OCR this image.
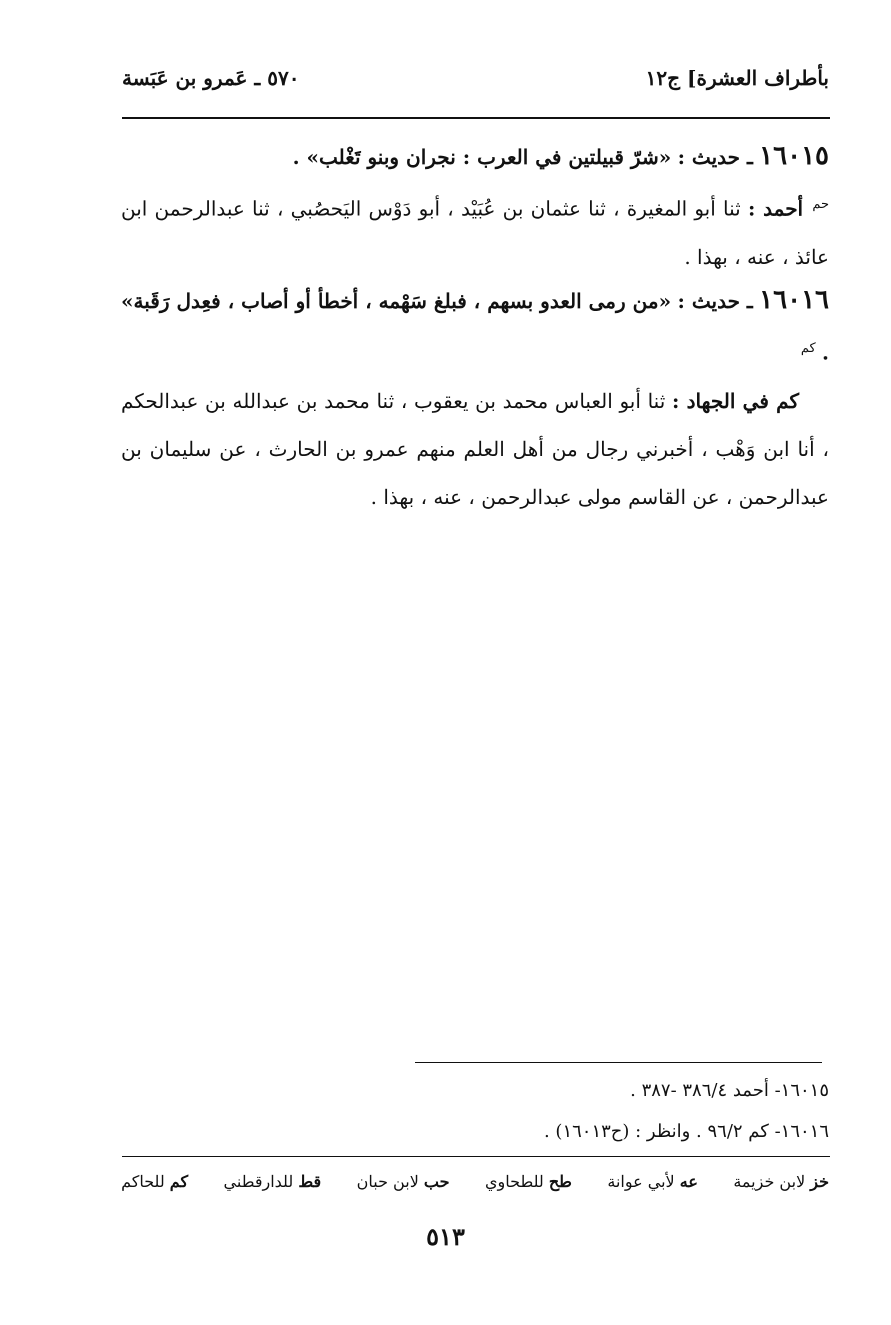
بأطراف العشرة] ج١٢
٥٧٠ ـ عَمرو بن عَبَسة
١٦٠١٥ ـ حديث : «شرّ قبيلتين في العرب : نجران وبنو تَغْلب» .
$^{حم}$ أحمد : ثنا أبو المغيرة ، ثنا عثمان بن عُبَيْد ، أبو دَوْس اليَحصُبي ، ثنا عبدالرحمن ابن عائذ ، عنه ، بهذا .
١٦٠١٦ ـ حديث : «من رمى العدو بسهم ، فبلغ سَهْمه ، أخطأ أو أصاب ، فعِدل رَقَبة» . $^{كم}$
كم في الجهاد : ثنا أبو العباس محمد بن يعقوب ، ثنا محمد بن عبدالله بن عبدالحكم ، أنا ابن وَهْب ، أخبرني رجال من أهل العلم منهم عمرو بن الحارث ، عن سليمان بن عبدالرحمن ، عن القاسم مولى عبدالرحمن ، عنه ، بهذا .
١٦٠١٥- أحمد ٣٨٦/٤ -٣٨٧ .
١٦٠١٦- كم ٩٦/٢ . وانظر : (ح١٦٠١٣) .
خز لابن خزيمة
عه لأبي عوانة
طح للطحاوي
حب لابن حبان
قط للدارقطني
كم للحاكم
٥١٣
